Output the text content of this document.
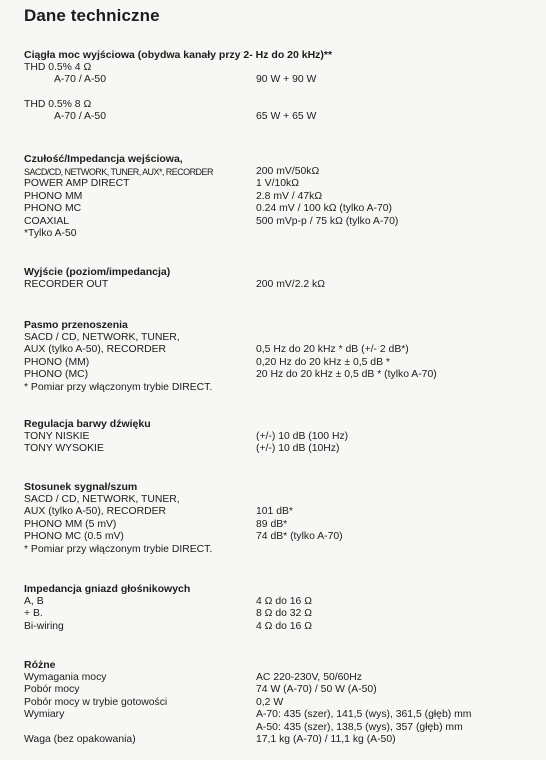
Dane techniczne
Ciągła moc wyjściowa (obydwa kanały przy 2- Hz do 20 kHz)**
THD 0.5% 4 Ω
A-70 / A-50	90 W + 90 W
THD 0.5% 8 Ω
A-70 / A-50	65 W + 65 W
Czułość/Impedancja wejściowa,
SACD/CD, NETWORK, TUNER, AUX*, RECORDER	200 mV/50kΩ
POWER AMP DIRECT	1 V/10kΩ
PHONO MM	2.8 mV / 47kΩ
PHONO MC	0.24 mV / 100 kΩ (tylko A-70)
COAXIAL	500 mVp-p / 75 kΩ (tylko A-70)
*Tylko A-50
Wyjście (poziom/impedancja)
RECORDER OUT	200 mV/2.2 kΩ
Pasmo przenoszenia
SACD / CD, NETWORK, TUNER,
AUX (tylko A-50), RECORDER	0,5 Hz do 20 kHz * dB (+/- 2 dB*)
PHONO (MM)	0,20 Hz do 20 kHz ± 0,5 dB *
PHONO (MC)	20 Hz do 20 kHz ± 0,5 dB * (tylko A-70)
* Pomiar przy włączonym trybie DIRECT.
Regulacja barwy dźwięku
TONY NISKIE	(+/-) 10 dB (100 Hz)
TONY WYSOKIE	(+/-) 10 dB (10Hz)
Stosunek sygnał/szum
SACD / CD, NETWORK, TUNER,
AUX (tylko A-50), RECORDER	101 dB*
PHONO MM (5 mV)	89 dB*
PHONO MC (0.5 mV)	74 dB* (tylko A-70)
* Pomiar przy włączonym trybie DIRECT.
Impedancja gniazd głośnikowych
A, B	4 Ω do 16 Ω
+ B.	8 Ω do 32 Ω
Bi-wiring	4 Ω do 16 Ω
Różne
Wymagania mocy	AC 220-230V, 50/60Hz
Pobór mocy	74 W (A-70) / 50 W (A-50)
Pobór mocy w trybie gotowości	0,2 W
Wymiary	A-70: 435 (szer), 141,5 (wys), 361,5 (głęb) mm
A-50: 435 (szer), 138,5 (wys), 357 (głęb) mm
Waga (bez opakowania)	17,1 kg (A-70) / 11,1 kg (A-50)
